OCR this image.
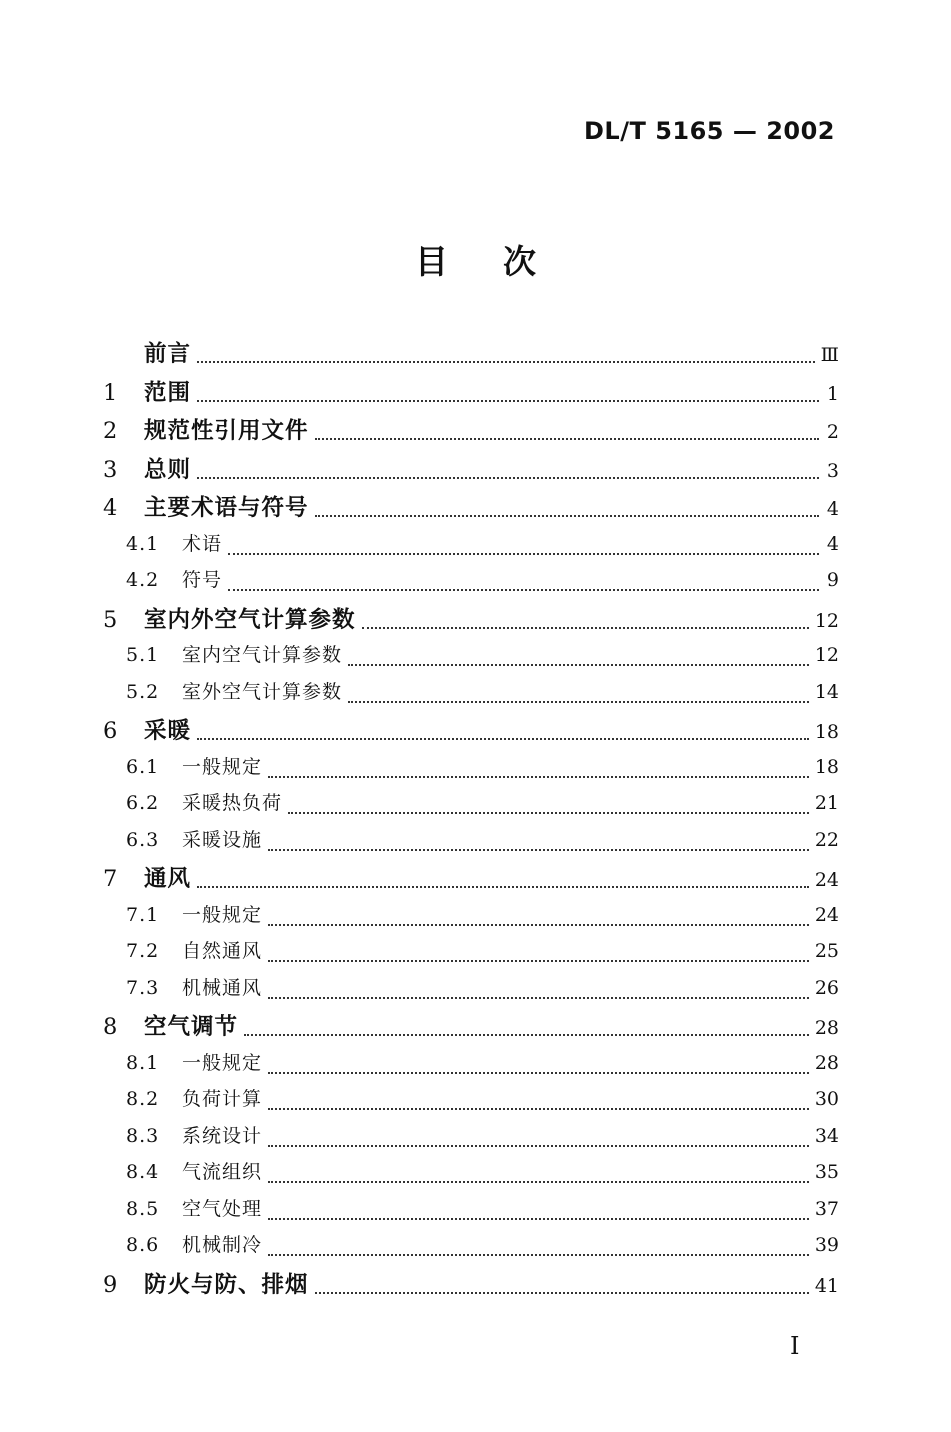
DL/T 5165 — 2002
目次
前言	Ⅲ
1	范围	1
2	规范性引用文件	2
3	总则	3
4	主要术语与符号	4
4.1	术语	4
4.2	符号	9
5	室内外空气计算参数	12
5.1	室内空气计算参数	12
5.2	室外空气计算参数	14
6	采暖	18
6.1	一般规定	18
6.2	采暖热负荷	21
6.3	采暖设施	22
7	通风	24
7.1	一般规定	24
7.2	自然通风	25
7.3	机械通风	26
8	空气调节	28
8.1	一般规定	28
8.2	负荷计算	30
8.3	系统设计	34
8.4	气流组织	35
8.5	空气处理	37
8.6	机械制冷	39
9	防火与防、排烟	41
I
